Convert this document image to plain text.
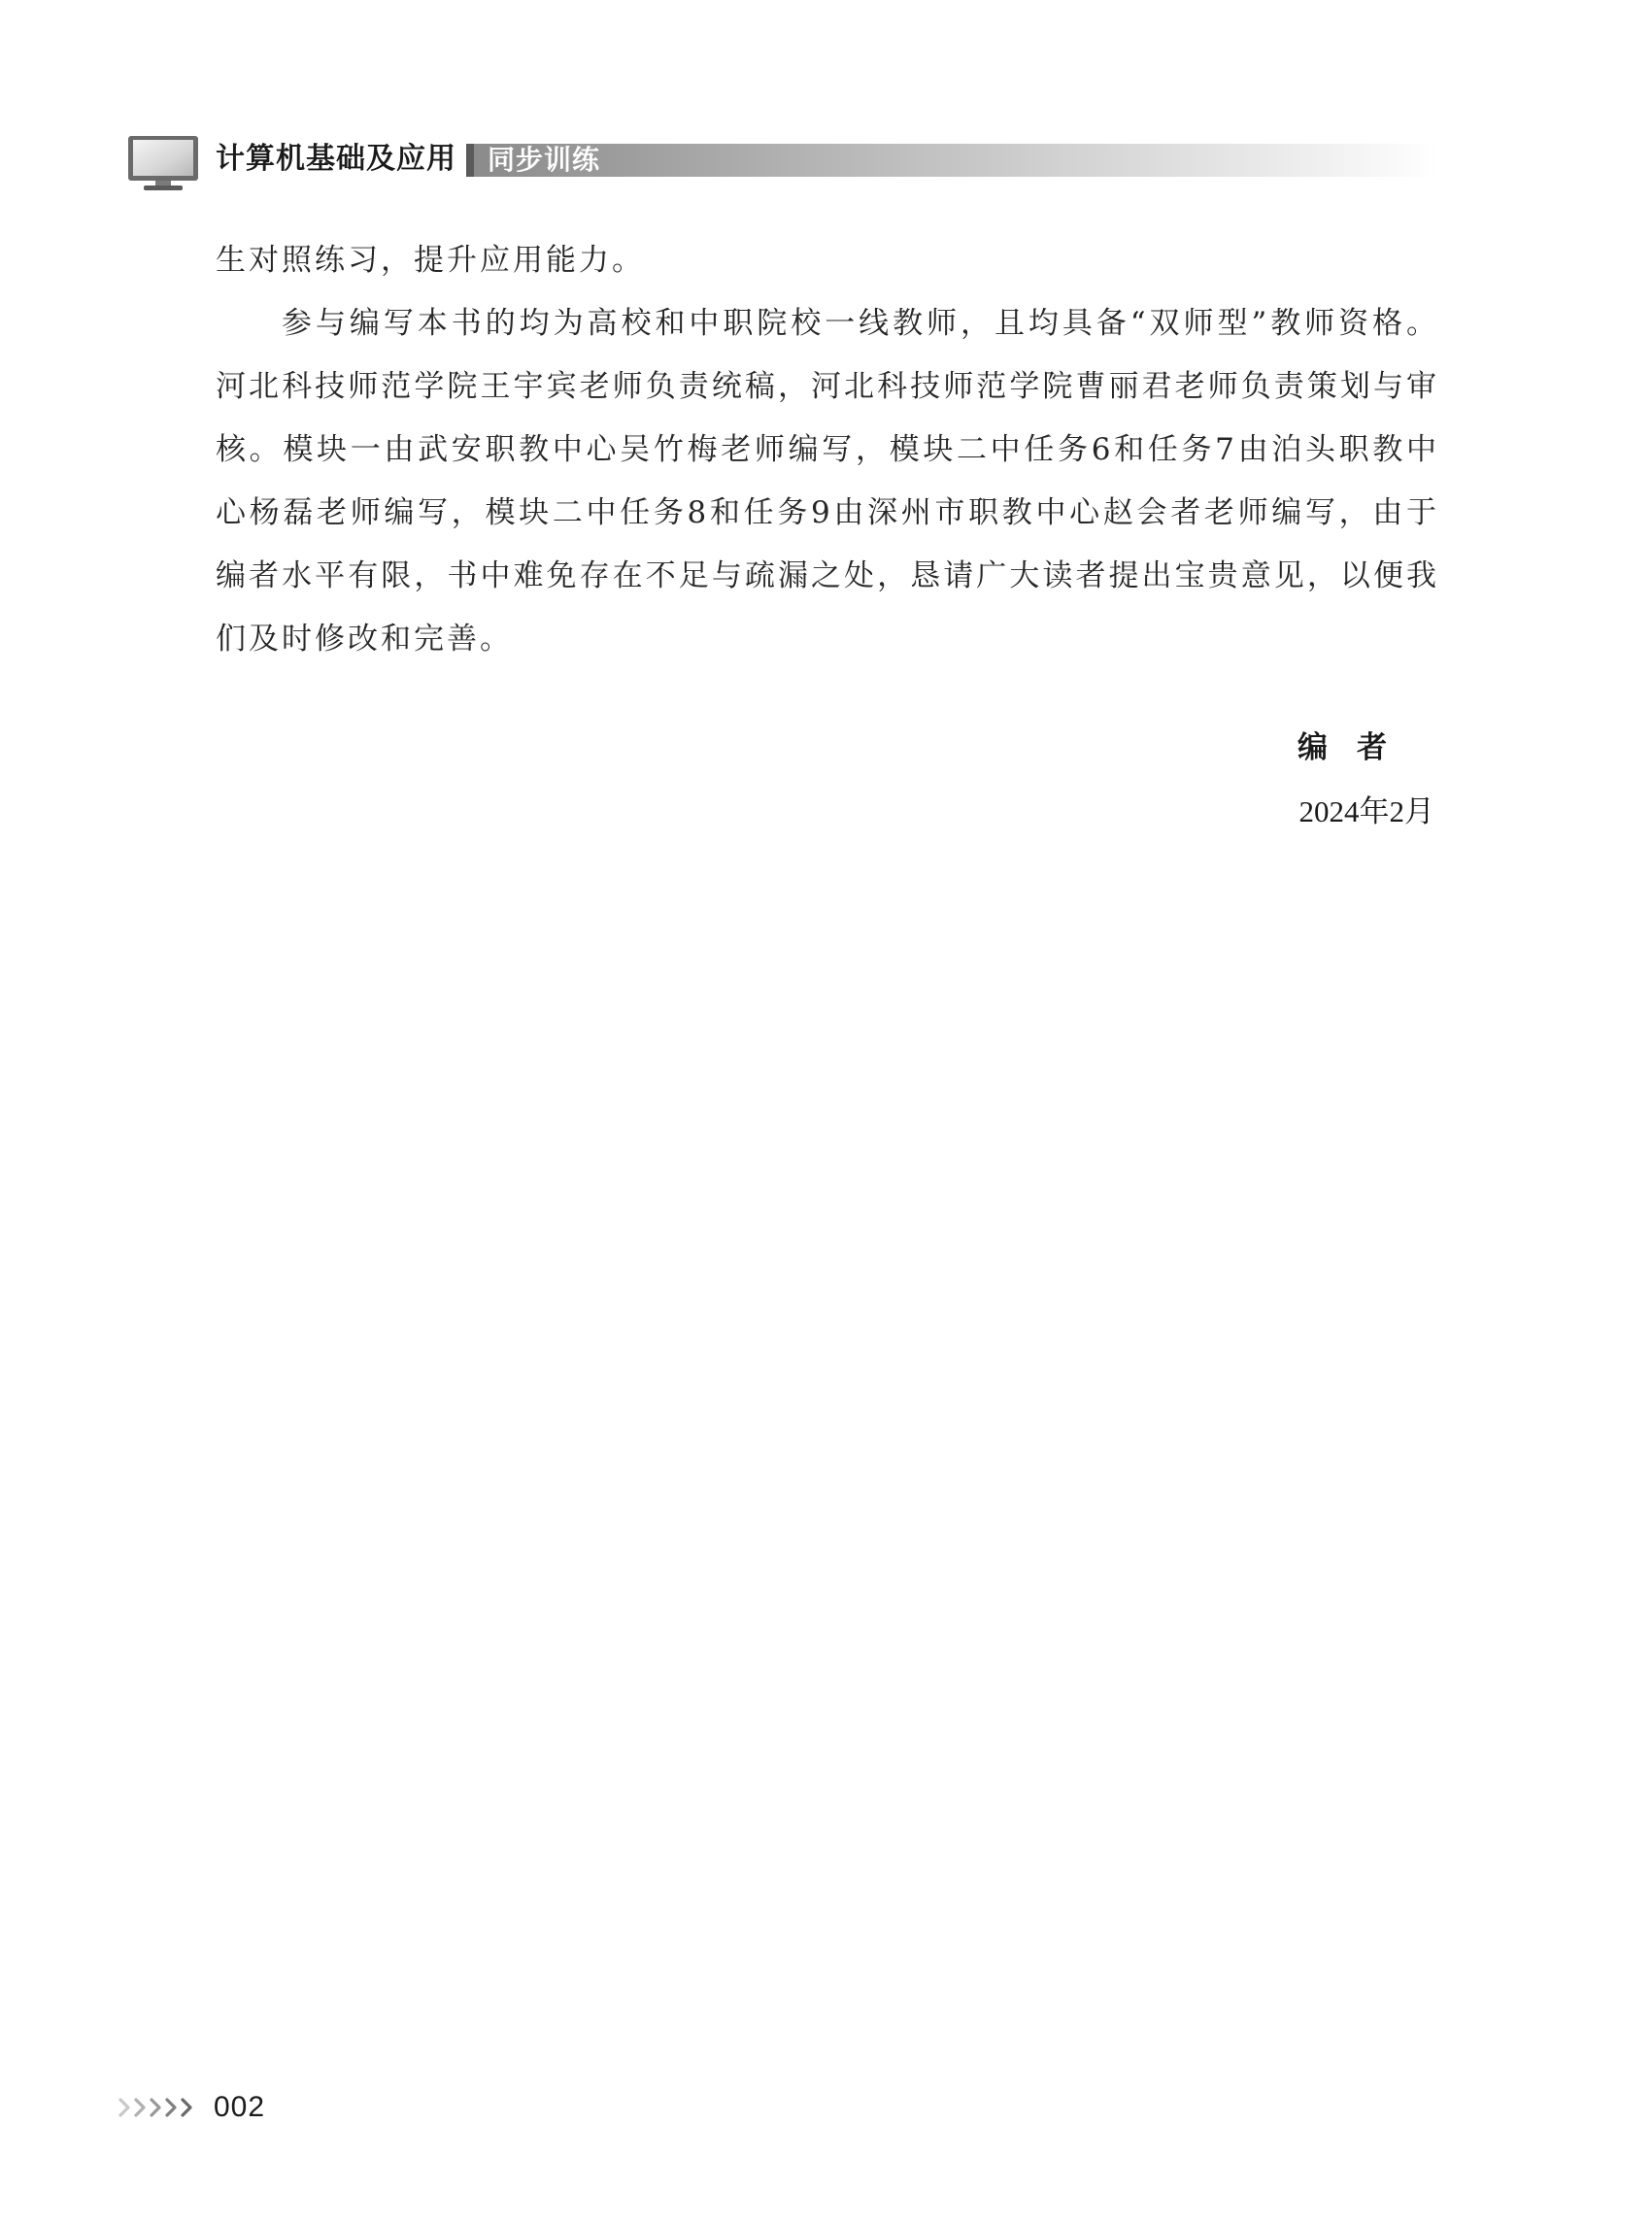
计算机基础及应用 同步训练

生对照练习，提升应用能力。

参与编写本书的均为高校和中职院校一线教师，且均具备“双师型”教师资格。河北科技师范学院王宇宾老师负责统稿，河北科技师范学院曹丽君老师负责策划与审核。模块一由武安职教中心吴竹梅老师编写，模块二中任务6和任务7由泊头职教中心杨磊老师编写，模块二中任务8和任务9由深州市职教中心赵会者老师编写，由于编者水平有限，书中难免存在不足与疏漏之处，恳请广大读者提出宝贵意见，以便我们及时修改和完善。

编者
2024年2月
002
